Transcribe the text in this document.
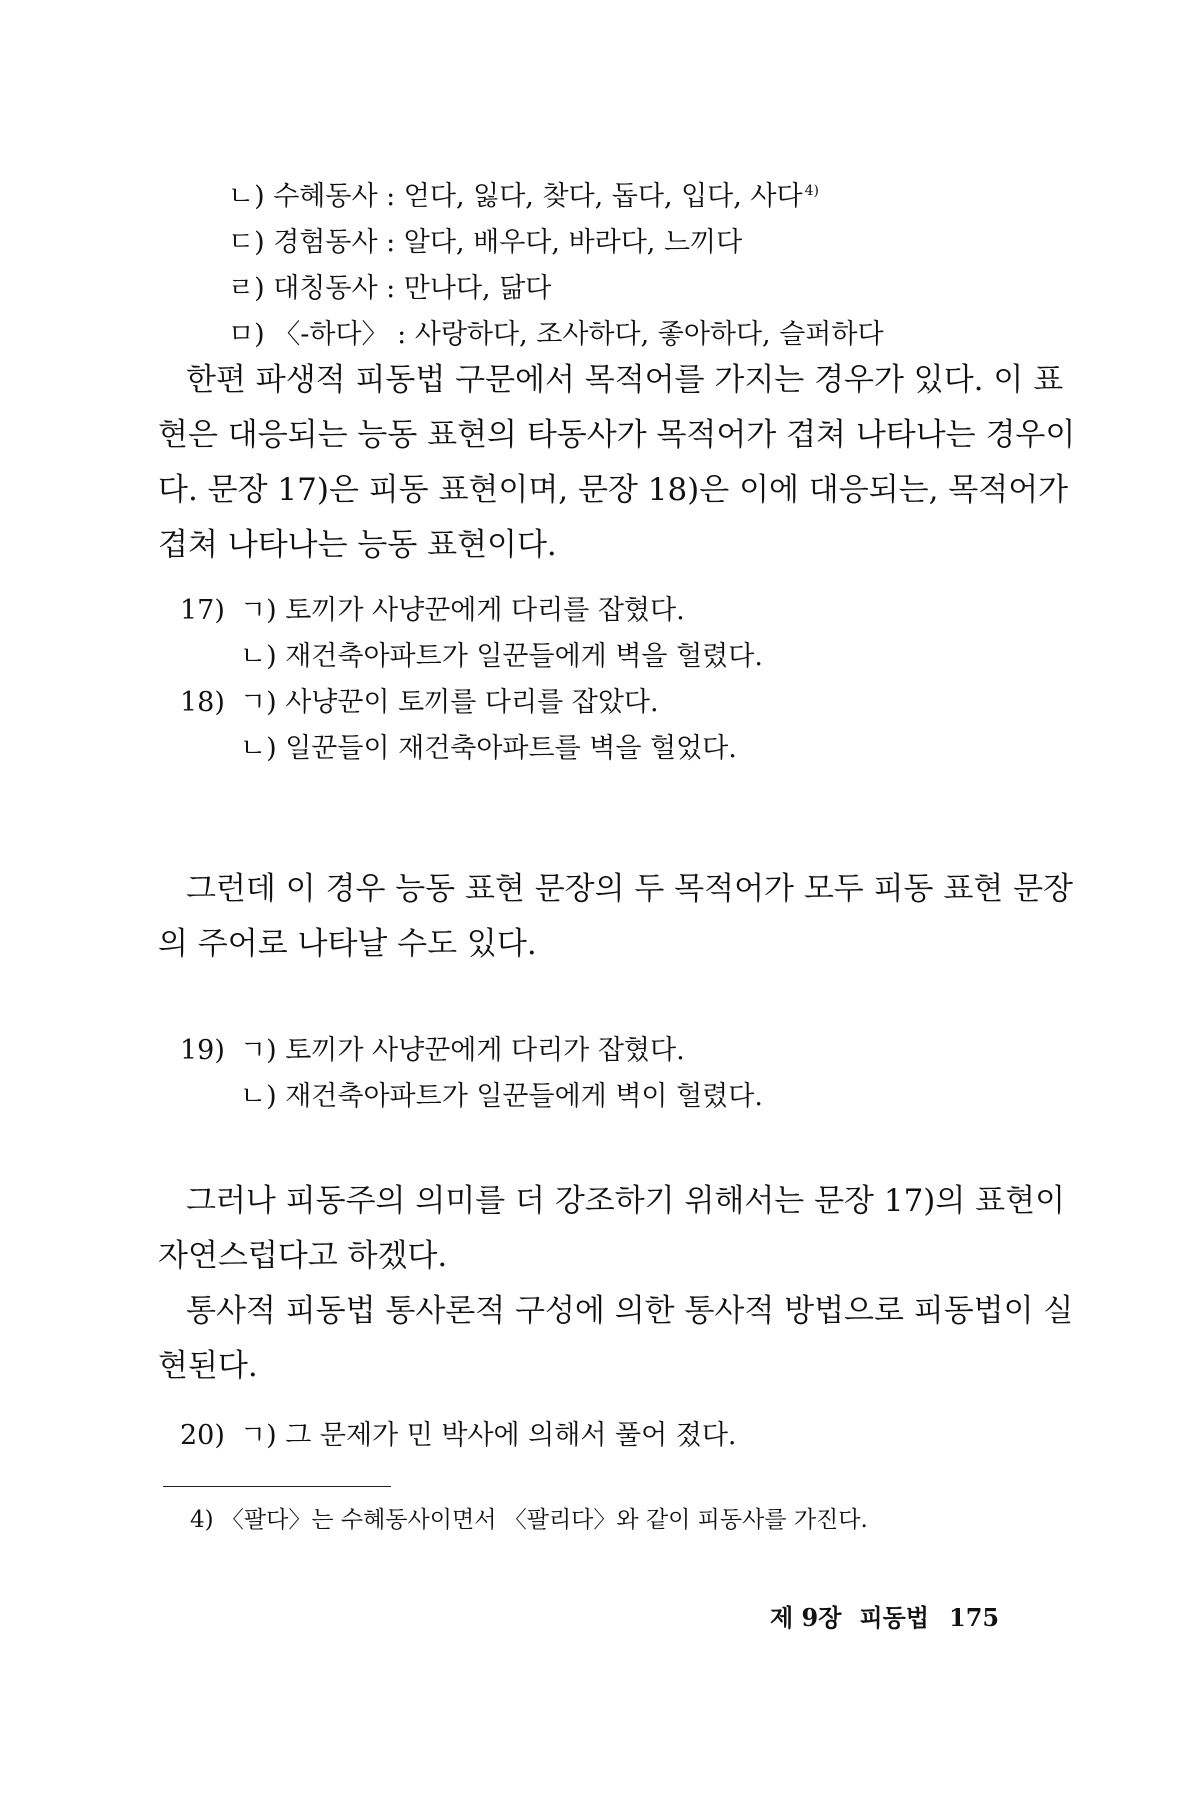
ㄴ) 수혜동사 : 얻다, 잃다, 찾다, 돕다, 입다, 사다 $^{4)}$
ㄷ) 경험동사 : 알다, 배우다, 바라다, 느끼다
ㄹ) 대칭동사 : 만나다, 닮다
ㅁ) 〈-하다〉 : 사랑하다, 조사하다, 좋아하다, 슬퍼하다
한편 파생적 피동법 구문에서 목적어를 가지는 경우가 있다. 이 표
현은 대응되는 능동 표현의 타동사가 목적어가 겹쳐 나타나는 경우이
다. 문장 17)은 피동 표현이며, 문장 18)은 이에 대응되는, 목적어가
겹쳐 나타나는 능동 표현이다.
17) ㄱ) 토끼가 사냥꾼에게 다리를 잡혔다.
ㄴ) 재건축아파트가 일꾼들에게 벽을 헐렸다.
18) ㄱ) 사냥꾼이 토끼를 다리를 잡았다.
ㄴ) 일꾼들이 재건축아파트를 벽을 헐었다.
그런데 이 경우 능동 표현 문장의 두 목적어가 모두 피동 표현 문장
의 주어로 나타날 수도 있다.
19) ㄱ) 토끼가 사냥꾼에게 다리가 잡혔다.
ㄴ) 재건축아파트가 일꾼들에게 벽이 헐렸다.
그러나 피동주의 의미를 더 강조하기 위해서는 문장 17)의 표현이
자연스럽다고 하겠다.
통사적 피동법 통사론적 구성에 의한 통사적 방법으로 피동법이 실
현된다.
20) ㄱ) 그 문제가 민 박사에 의해서 풀어 졌다.
4) 〈팔다〉는 수혜동사이면서 〈팔리다〉와 같이 피동사를 가진다.
제 9장 피동법 175
